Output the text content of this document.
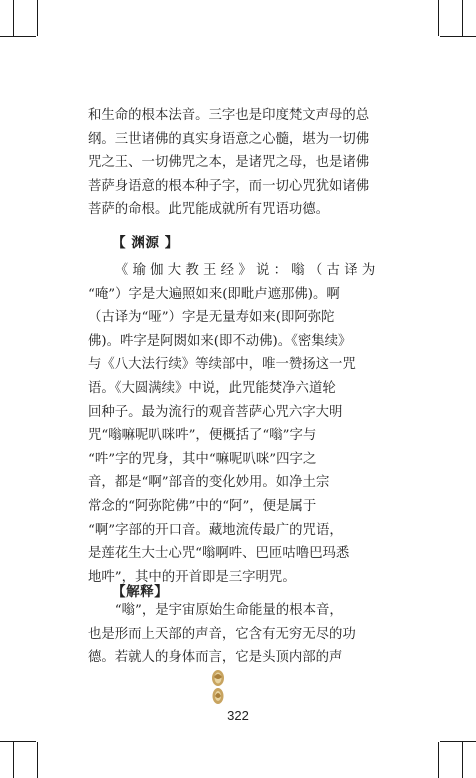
和生命的根本法音。三字也是印度梵文声母的总

纲。三世诸佛的真实身语意之心髓，堪为一切佛

咒之王、一切佛咒之本，是诸咒之母，也是诸佛

菩萨身语意的根本种子字，而一切心咒犹如诸佛

菩萨的命根。此咒能成就所有咒语功德。

【 渊源 】

《 瑜 伽 大 教 王 经 》 说 ： 嗡 （ 古 译 为

“唵”）字是大遍照如来(即毗卢遮那佛)。啊

（古译为“哑”）字是无量寿如来(即阿弥陀

佛)。吽字是阿閦如来(即不动佛)。《密集续》

与《八大法行续》等续部中，唯一赞扬这一咒

语。《大圆满续》中说，此咒能焚净六道轮

回种子。最为流行的观音菩萨心咒六字大明

咒“嗡嘛呢叭咪吽”，便概括了“嗡”字与

“吽”字的咒身，其中“嘛呢叭咪”四字之

音，都是“啊”部音的变化妙用。如净土宗

常念的“阿弥陀佛”中的“阿”，便是属于

“啊”字部的开口音。藏地流传最广的咒语，

是莲花生大士心咒“嗡啊吽、巴匝咕噜巴玛悉

地吽”，其中的开首即是三字明咒。

【解释】

“嗡”，是宇宙原始生命能量的根本音，

也是形而上天部的声音，它含有无穷无尽的功

德。若就人的身体而言，它是头顶内部的声

322
